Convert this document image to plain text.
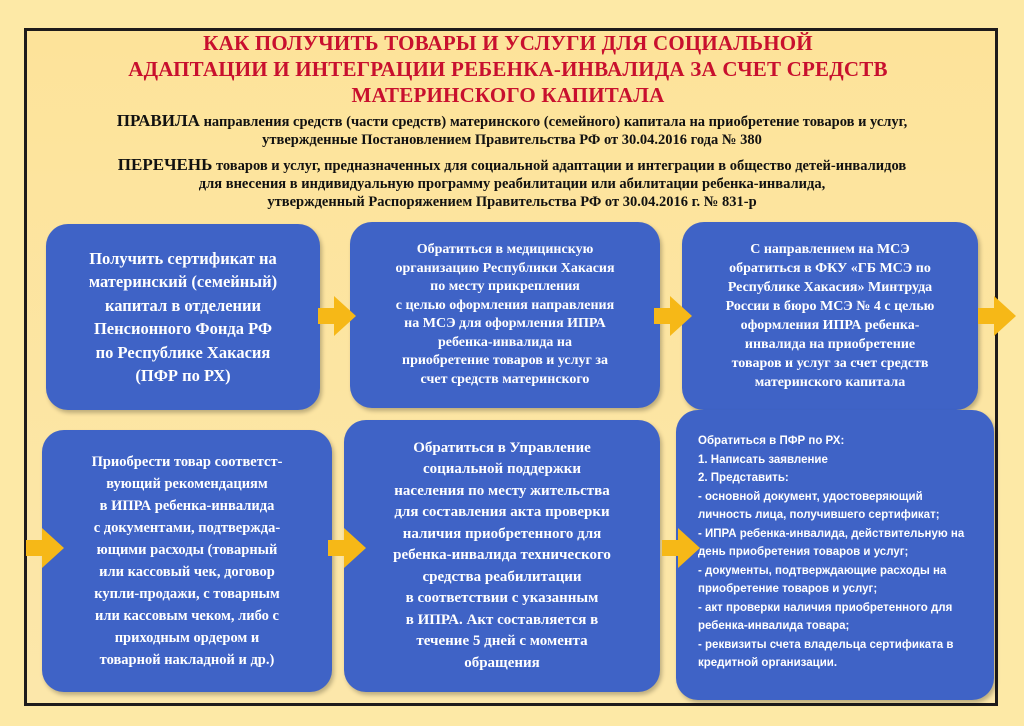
КАК ПОЛУЧИТЬ ТОВАРЫ И УСЛУГИ ДЛЯ СОЦИАЛЬНОЙ
АДАПТАЦИИ И ИНТЕГРАЦИИ РЕБЕНКА-ИНВАЛИДА ЗА СЧЕТ СРЕДСТВ
МАТЕРИНСКОГО КАПИТАЛА
ПРАВИЛА направления средств (части средств) материнского (семейного) капитала на приобретение товаров и услуг,
утвержденные Постановлением Правительства РФ от 30.04.2016 года № 380
ПЕРЕЧЕНЬ товаров и услуг, предназначенных для социальной адаптации и интеграции в общество детей-инвалидов
для внесения в индивидуальную программу реабилитации или абилитации ребенка-инвалида,
утвержденный Распоряжением Правительства РФ от 30.04.2016 г. № 831-р
Получить сертификат на
материнский (семейный)
капитал в отделении
Пенсионного Фонда РФ
по Республике Хакасия
(ПФР по РХ)
Обратиться в медицинскую
организацию Республики Хакасия
по месту прикрепления
с целью оформления направления
на МСЭ для оформления ИПРА
ребенка-инвалида на
приобретение товаров и услуг за
счет средств материнского
С направлением на МСЭ
обратиться в ФКУ «ГБ МСЭ по
Республике Хакасия» Минтруда
России в бюро МСЭ № 4 с целью
оформления ИПРА ребенка-
инвалида на приобретение
товаров и услуг за счет средств
материнского капитала
Приобрести товар соответст-
вующий рекомендациям
в ИПРА ребенка-инвалида
с документами, подтвержда-
ющими расходы (товарный
или кассовый чек, договор
купли-продажи, с товарным
или кассовым чеком, либо с
приходным ордером и
товарной накладной и др.)
Обратиться в Управление
социальной поддержки
населения по месту жительства
для составления акта проверки
наличия приобретенного для
ребенка-инвалида технического
средства реабилитации
в соответствии с указанным
в ИПРА. Акт составляется в
течение 5 дней с момента
обращения
Обратиться в ПФР по РХ:
1. Написать заявление
2. Представить:
- основной документ, удостоверяющий личность лица, получившего сертификат;
- ИПРА ребенка-инвалида, действительную на день приобретения товаров и услуг;
- документы, подтверждающие расходы на приобретение товаров и услуг;
- акт проверки наличия приобретенного для ребенка-инвалида товара;
- реквизиты счета владельца сертификата в кредитной организации.
